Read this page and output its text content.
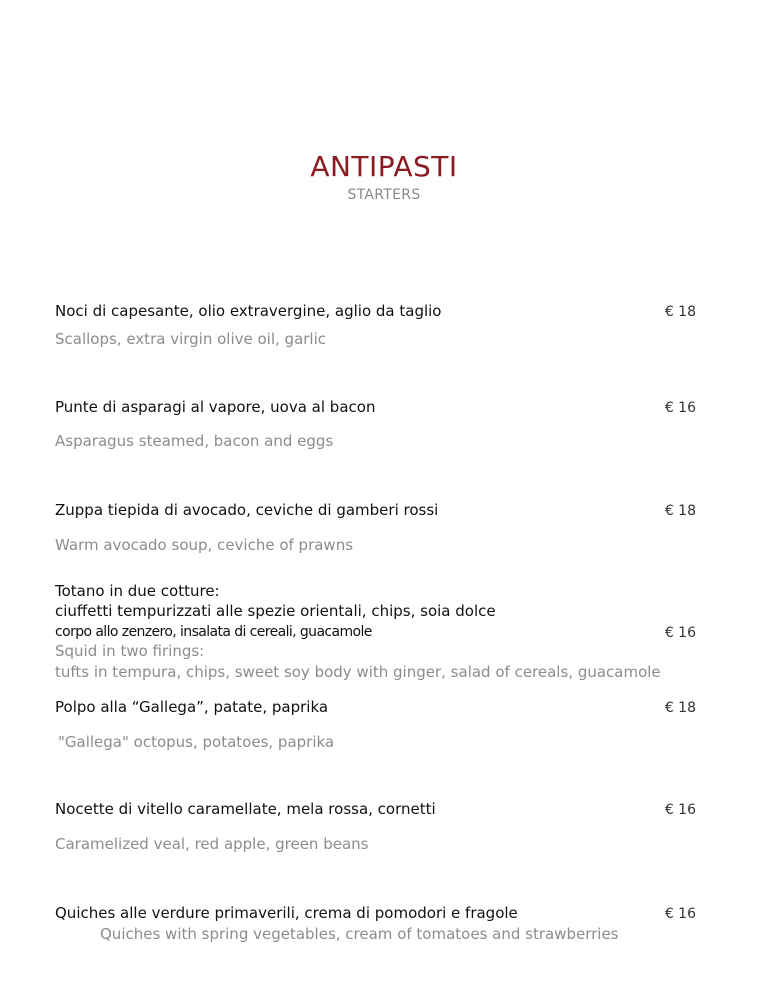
ANTIPASTI
STARTERS
Noci di capesante, olio extravergine, aglio da taglio	€ 18
Scallops, extra virgin olive oil, garlic
Punte di asparagi al vapore, uova al bacon	€ 16
Asparagus steamed, bacon and eggs
Zuppa tiepida di avocado, ceviche di gamberi rossi	€ 18
Warm avocado soup, ceviche of prawns
Totano in due cotture:
ciuffetti tempurizzati alle spezie orientali, chips, soia dolce
corpo allo zenzero, insalata di cereali, guacamole	€ 16
Squid in two firings:
tufts in tempura, chips, sweet soy body with ginger, salad of cereals, guacamole
Polpo alla “Gallega”, patate, paprika	€ 18
"Gallega" octopus, potatoes, paprika
Nocette di vitello caramellate, mela rossa, cornetti	€ 16
Caramelized veal, red apple, green beans
Quiches alle verdure primaverili, crema di pomodori e fragole	€ 16
Quiches with spring vegetables, cream of tomatoes and strawberries
